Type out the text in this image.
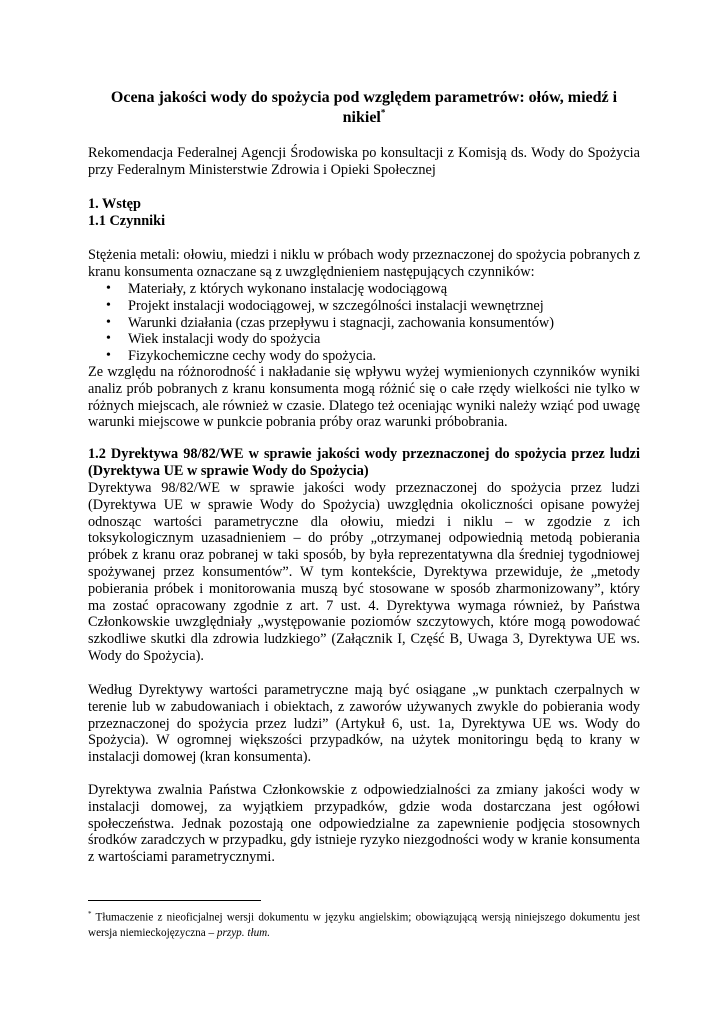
Ocena jakości wody do spożycia pod względem parametrów: ołów, miedź i nikiel*

Rekomendacja Federalnej Agencji Środowiska po konsultacji z Komisją ds. Wody do Spożycia przy Federalnym Ministerstwie Zdrowia i Opieki Społecznej

1. Wstęp

1.1 Czynniki

Stężenia metali: ołowiu, miedzi i niklu w próbach wody przeznaczonej do spożycia pobranych z kranu konsumenta oznaczane są z uwzględnieniem następujących czynników:

• Materiały, z których wykonano instalację wodociągową
• Projekt instalacji wodociągowej, w szczególności instalacji wewnętrznej
• Warunki działania (czas przepływu i stagnacji, zachowania konsumentów)
• Wiek instalacji wody do spożycia
• Fizykochemiczne cechy wody do spożycia.

Ze względu na różnorodność i nakładanie się wpływu wyżej wymienionych czynników wyniki analiz prób pobranych z kranu konsumenta mogą różnić się o całe rzędy wielkości nie tylko w różnych miejscach, ale również w czasie. Dlatego też oceniając wyniki należy wziąć pod uwagę warunki miejscowe w punkcie pobrania próby oraz warunki próbobrania.

1.2 Dyrektywa 98/82/WE w sprawie jakości wody przeznaczonej do spożycia przez ludzi (Dyrektywa UE w sprawie Wody do Spożycia)

Dyrektywa 98/82/WE w sprawie jakości wody przeznaczonej do spożycia przez ludzi (Dyrektywa UE w sprawie Wody do Spożycia) uwzględnia okoliczności opisane powyżej odnosząc wartości parametryczne dla ołowiu, miedzi i niklu – w zgodzie z ich toksykologicznym uzasadnieniem – do próby „otrzymanej odpowiednią metodą pobierania próbek z kranu oraz pobranej w taki sposób, by była reprezentatywna dla średniej tygodniowej spożywanej przez konsumentów”. W tym kontekście, Dyrektywa przewiduje, że „metody pobierania próbek i monitorowania muszą być stosowane w sposób zharmonizowany”, który ma zostać opracowany zgodnie z art. 7 ust. 4. Dyrektywa wymaga również, by Państwa Członkowskie uwzględniały „występowanie poziomów szczytowych, które mogą powodować szkodliwe skutki dla zdrowia ludzkiego” (Załącznik I, Część B, Uwaga 3, Dyrektywa UE ws. Wody do Spożycia).

Według Dyrektywy wartości parametryczne mają być osiągane „w punktach czerpalnych w terenie lub w zabudowaniach i obiektach, z zaworów używanych zwykle do pobierania wody przeznaczonej do spożycia przez ludzi” (Artykuł 6, ust. 1a, Dyrektywa UE ws. Wody do Spożycia). W ogromnej większości przypadków, na użytek monitoringu będą to krany w instalacji domowej (kran konsumenta).

Dyrektywa zwalnia Państwa Członkowskie z odpowiedzialności za zmiany jakości wody w instalacji domowej, za wyjątkiem przypadków, gdzie woda dostarczana jest ogółowi społeczeństwa. Jednak pozostają one odpowiedzialne za zapewnienie podjęcia stosownych środków zaradczych w przypadku, gdy istnieje ryzyko niezgodności wody w kranie konsumenta z wartościami parametrycznymi.

* Tłumaczenie z nieoficjalnej wersji dokumentu w języku angielskim; obowiązującą wersją niniejszego dokumentu jest wersja niemieckojęzyczna – przyp. tłum.
